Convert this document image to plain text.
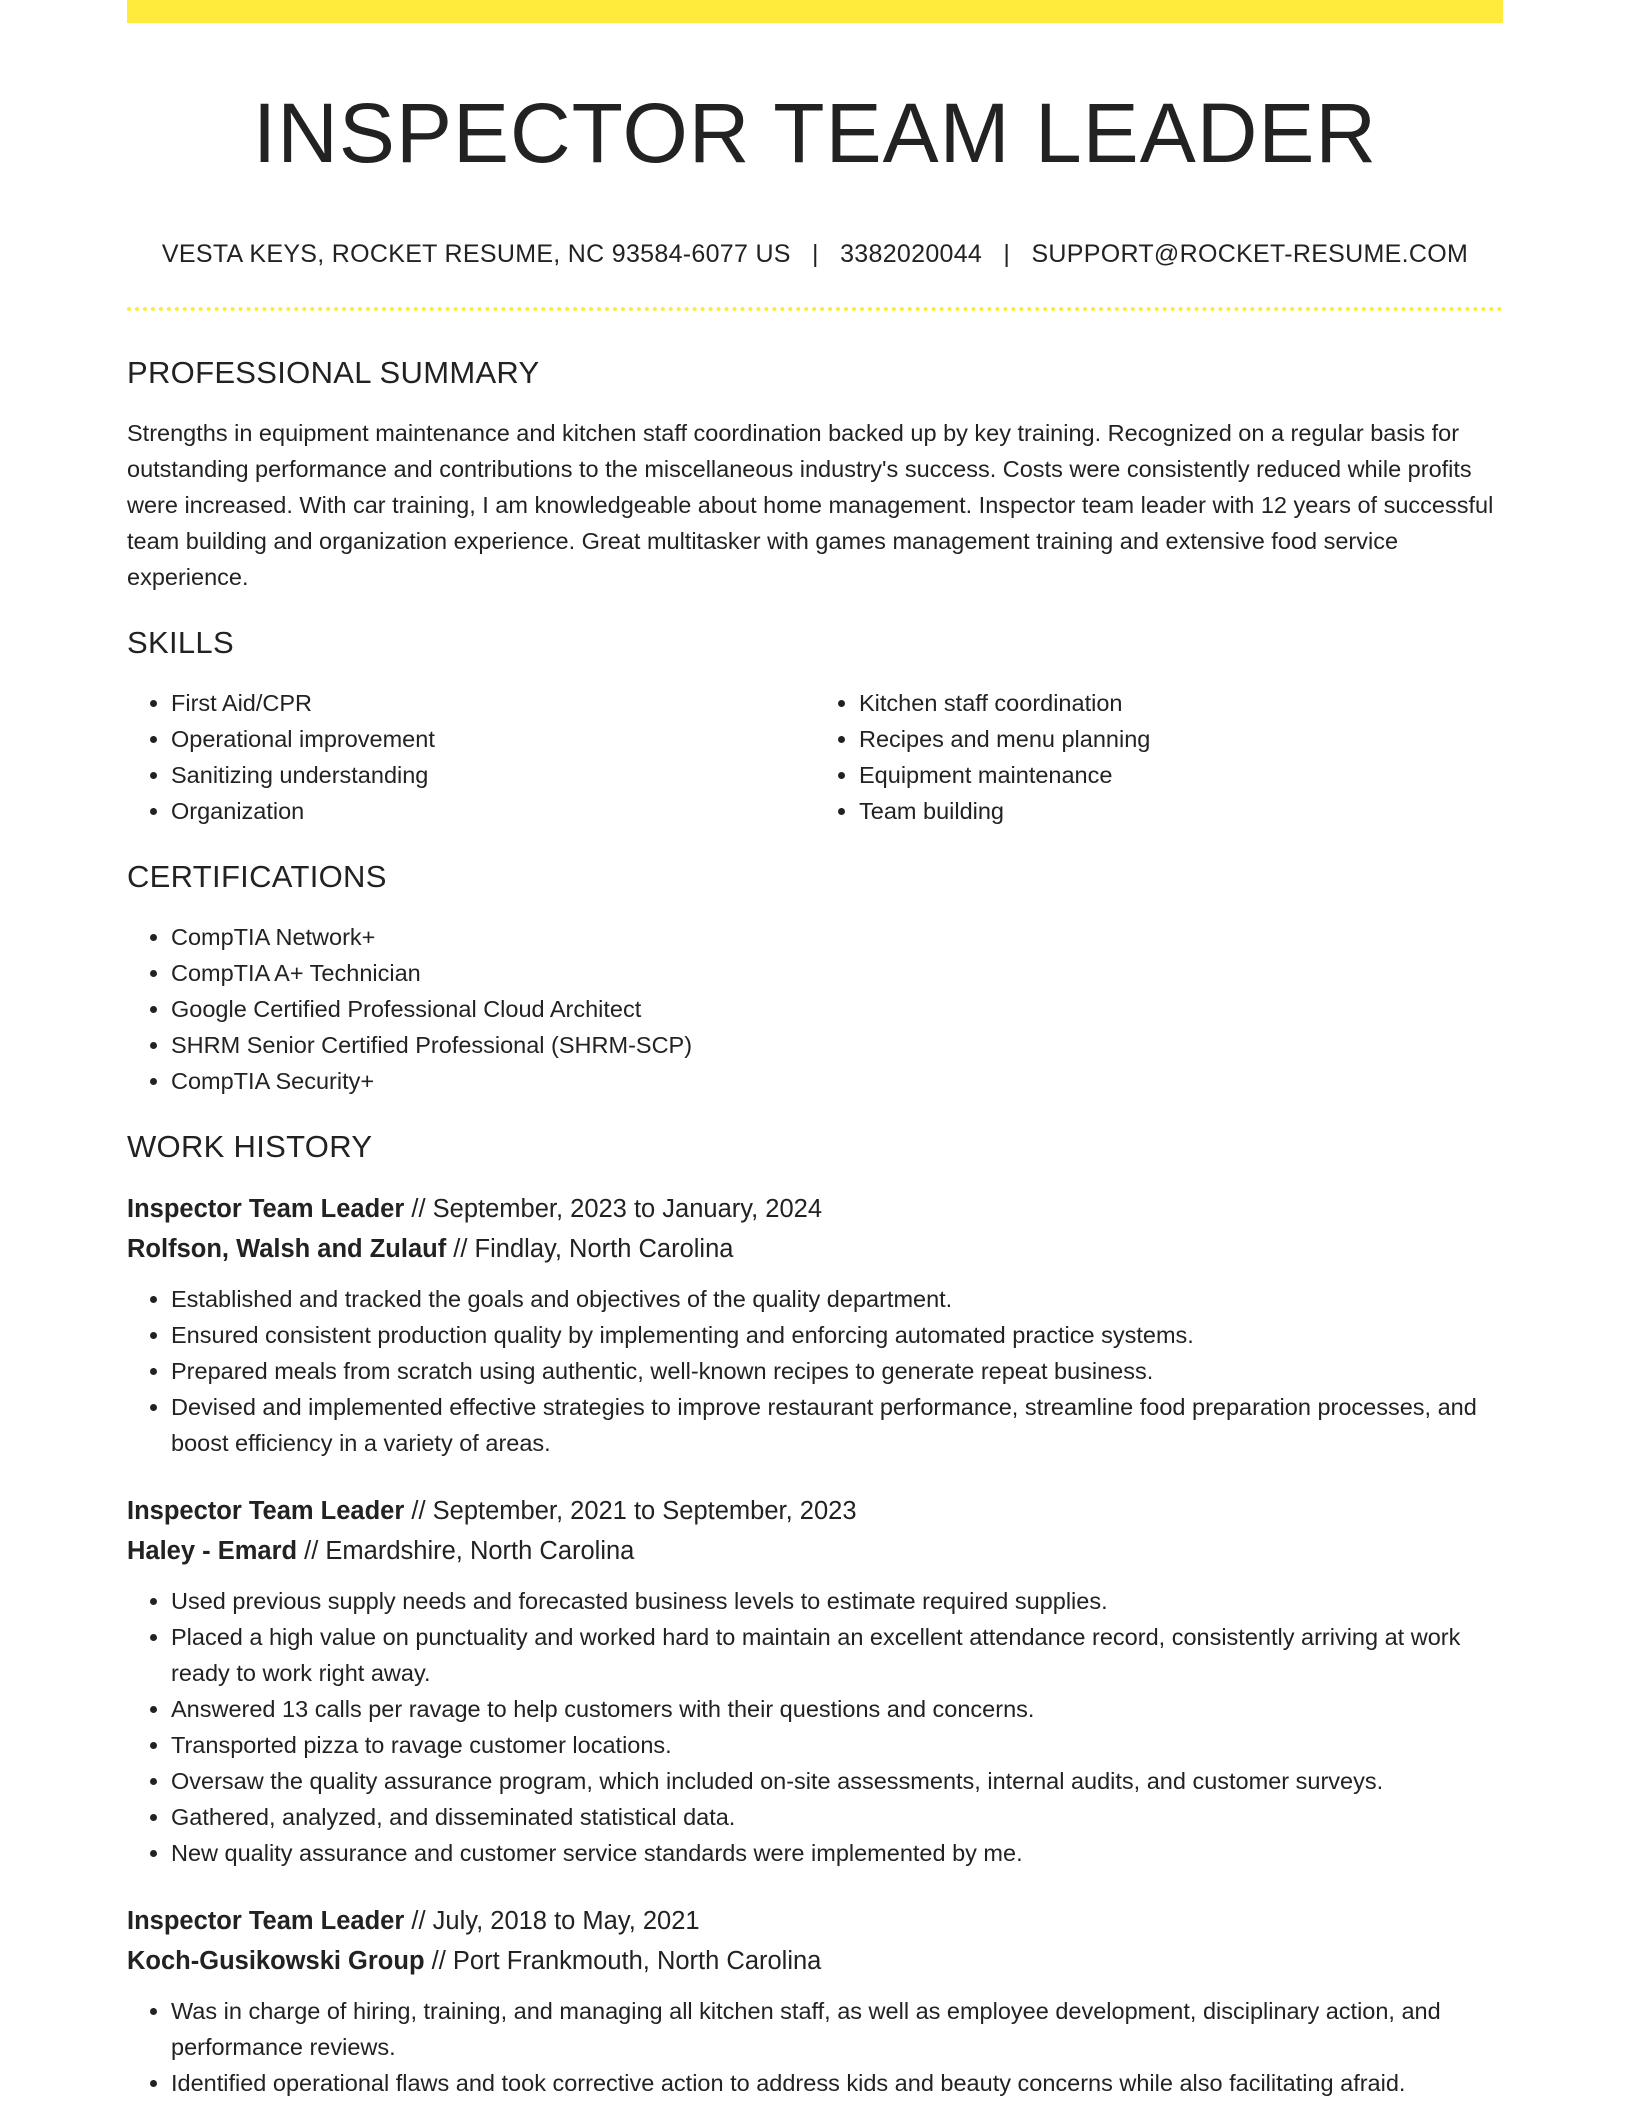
INSPECTOR TEAM LEADER
VESTA KEYS, ROCKET RESUME, NC 93584-6077 US | 3382020044 | SUPPORT@ROCKET-RESUME.COM
PROFESSIONAL SUMMARY
Strengths in equipment maintenance and kitchen staff coordination backed up by key training. Recognized on a regular basis for outstanding performance and contributions to the miscellaneous industry's success. Costs were consistently reduced while profits were increased. With car training, I am knowledgeable about home management. Inspector team leader with 12 years of successful team building and organization experience. Great multitasker with games management training and extensive food service experience.
SKILLS
• First Aid/CPR
• Operational improvement
• Sanitizing understanding
• Organization
• Kitchen staff coordination
• Recipes and menu planning
• Equipment maintenance
• Team building
CERTIFICATIONS
• CompTIA Network+
• CompTIA A+ Technician
• Google Certified Professional Cloud Architect
• SHRM Senior Certified Professional (SHRM-SCP)
• CompTIA Security+
WORK HISTORY
Inspector Team Leader // September, 2023 to January, 2024
Rolfson, Walsh and Zulauf // Findlay, North Carolina
• Established and tracked the goals and objectives of the quality department.
• Ensured consistent production quality by implementing and enforcing automated practice systems.
• Prepared meals from scratch using authentic, well-known recipes to generate repeat business.
• Devised and implemented effective strategies to improve restaurant performance, streamline food preparation processes, and boost efficiency in a variety of areas.
Inspector Team Leader // September, 2021 to September, 2023
Haley - Emard // Emardshire, North Carolina
• Used previous supply needs and forecasted business levels to estimate required supplies.
• Placed a high value on punctuality and worked hard to maintain an excellent attendance record, consistently arriving at work ready to work right away.
• Answered 13 calls per ravage to help customers with their questions and concerns.
• Transported pizza to ravage customer locations.
• Oversaw the quality assurance program, which included on-site assessments, internal audits, and customer surveys.
• Gathered, analyzed, and disseminated statistical data.
• New quality assurance and customer service standards were implemented by me.
Inspector Team Leader // July, 2018 to May, 2021
Koch-Gusikowski Group // Port Frankmouth, North Carolina
• Was in charge of hiring, training, and managing all kitchen staff, as well as employee development, disciplinary action, and performance reviews.
• Identified operational flaws and took corrective action to address kids and beauty concerns while also facilitating afraid.
